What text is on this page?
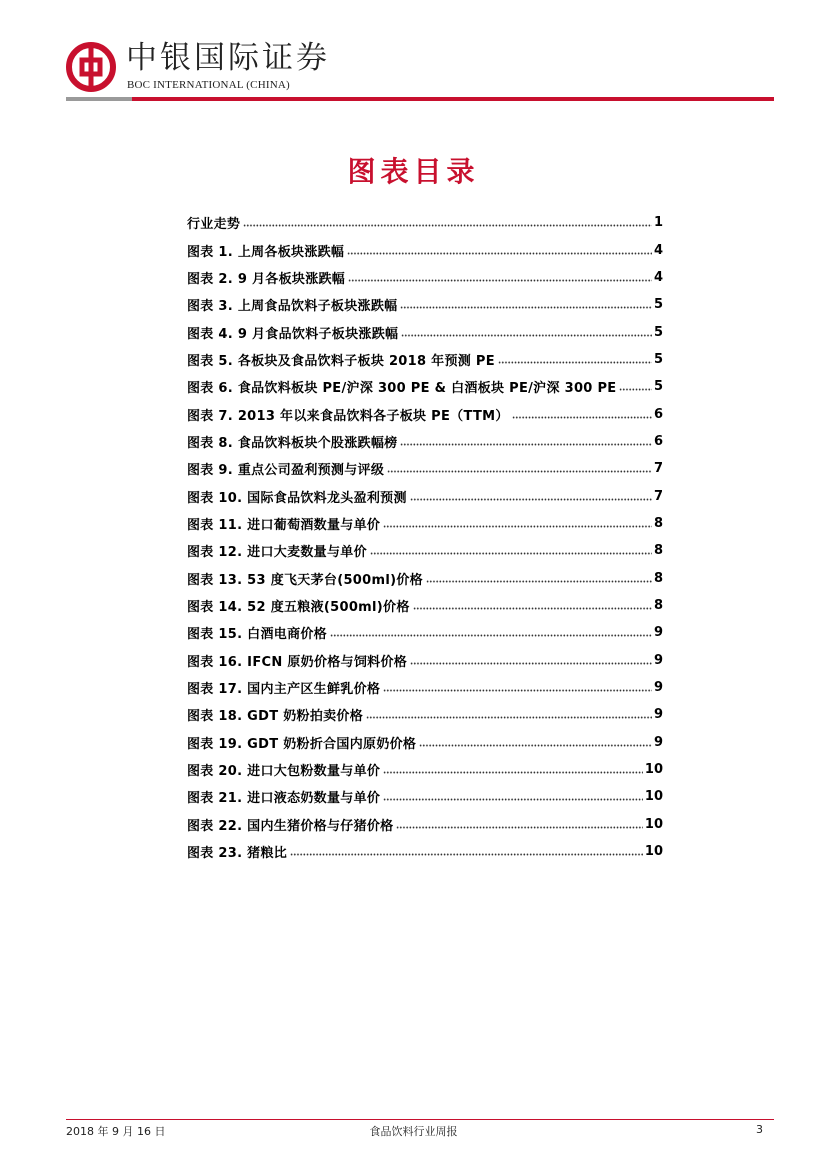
中银国际证券
BOC INTERNATIONAL (CHINA)
图表目录
行业走势	1
图表 1. 上周各板块涨跌幅	4
图表 2. 9 月各板块涨跌幅	4
图表 3. 上周食品饮料子板块涨跌幅	5
图表 4. 9 月食品饮料子板块涨跌幅	5
图表 5. 各板块及食品饮料子板块 2018 年预测 PE	5
图表 6. 食品饮料板块 PE/沪深 300 PE & 白酒板块 PE/沪深 300 PE	5
图表 7. 2013 年以来食品饮料各子板块 PE（TTM）	6
图表 8. 食品饮料板块个股涨跌幅榜	6
图表 9. 重点公司盈利预测与评级	7
图表 10. 国际食品饮料龙头盈利预测	7
图表 11. 进口葡萄酒数量与单价	8
图表 12. 进口大麦数量与单价	8
图表 13. 53 度飞天茅台(500ml)价格	8
图表 14. 52 度五粮液(500ml)价格	8
图表 15. 白酒电商价格	9
图表 16. IFCN 原奶价格与饲料价格	9
图表 17. 国内主产区生鲜乳价格	9
图表 18. GDT 奶粉拍卖价格	9
图表 19. GDT 奶粉折合国内原奶价格	9
图表 20. 进口大包粉数量与单价	10
图表 21. 进口液态奶数量与单价	10
图表 22. 国内生猪价格与仔猪价格	10
图表 23. 猪粮比	10
2018 年 9 月 16 日	食品饮料行业周报	3
